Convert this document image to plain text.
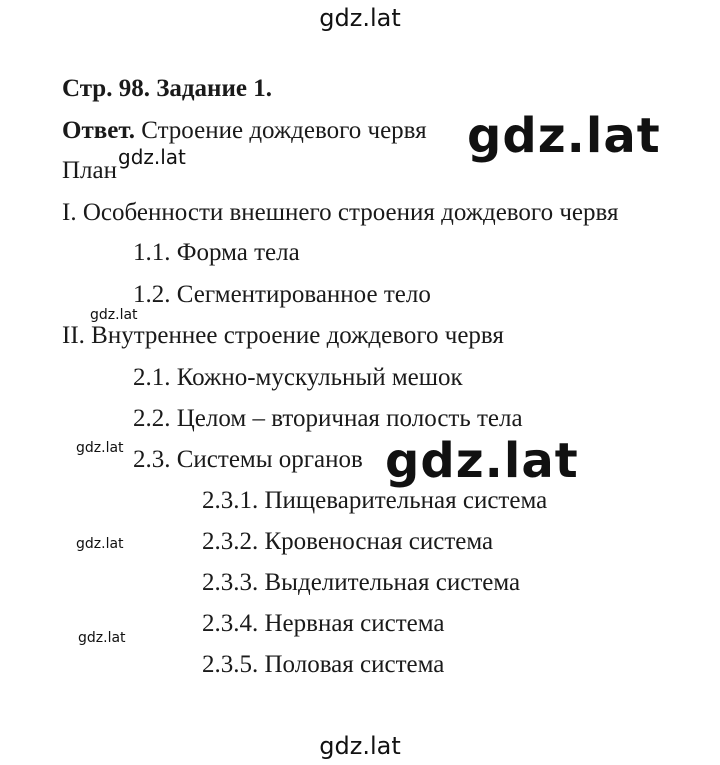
gdz.lat
Стр. 98. Задание 1.
Ответ. Строение дождевого червя
План
I. Особенности внешнего строения дождевого червя
1.1. Форма тела
1.2. Сегментированное тело
II. Внутреннее строение дождевого червя
2.1. Кожно-мускульный мешок
2.2. Целом – вторичная полость тела
2.3. Системы органов
2.3.1. Пищеварительная система
2.3.2. Кровеносная система
2.3.3. Выделительная система
2.3.4. Нервная система
2.3.5. Половая система
gdz.lat
gdz.lat
gdz.lat
gdz.lat
gdz.lat
gdz.lat
gdz.lat
gdz.lat
